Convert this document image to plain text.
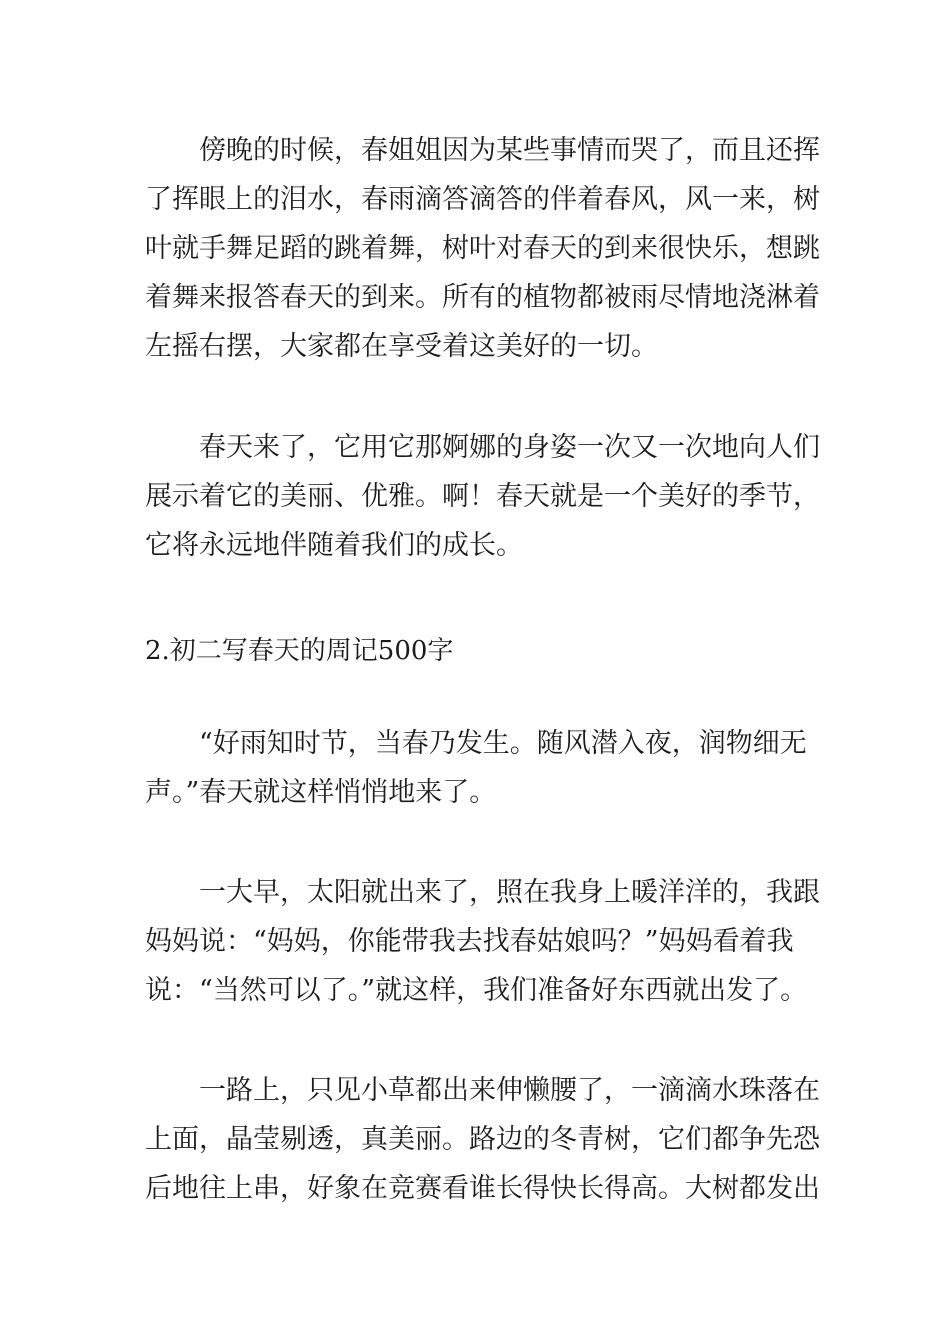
傍晚的时候，春姐姐因为某些事情而哭了，而且还挥
了挥眼上的泪水，春雨滴答滴答的伴着春风，风一来，树
叶就手舞足蹈的跳着舞，树叶对春天的到来很快乐，想跳
着舞来报答春天的到来。所有的植物都被雨尽情地浇淋着
左摇右摆，大家都在享受着这美好的一切。
春天来了，它用它那婀娜的身姿一次又一次地向人们
展示着它的美丽、优雅。啊！春天就是一个美好的季节，
它将永远地伴随着我们的成长。
2.初二写春天的周记500字
“好雨知时节，当春乃发生。随风潜入夜，润物细无
声。”春天就这样悄悄地来了。
一大早，太阳就出来了，照在我身上暖洋洋的，我跟
妈妈说：“妈妈，你能带我去找春姑娘吗？”妈妈看着我
说：“当然可以了。”就这样，我们准备好东西就出发了。
一路上，只见小草都出来伸懒腰了，一滴滴水珠落在
上面，晶莹剔透，真美丽。路边的冬青树，它们都争先恐
后地往上串，好象在竞赛看谁长得快长得高。大树都发出
